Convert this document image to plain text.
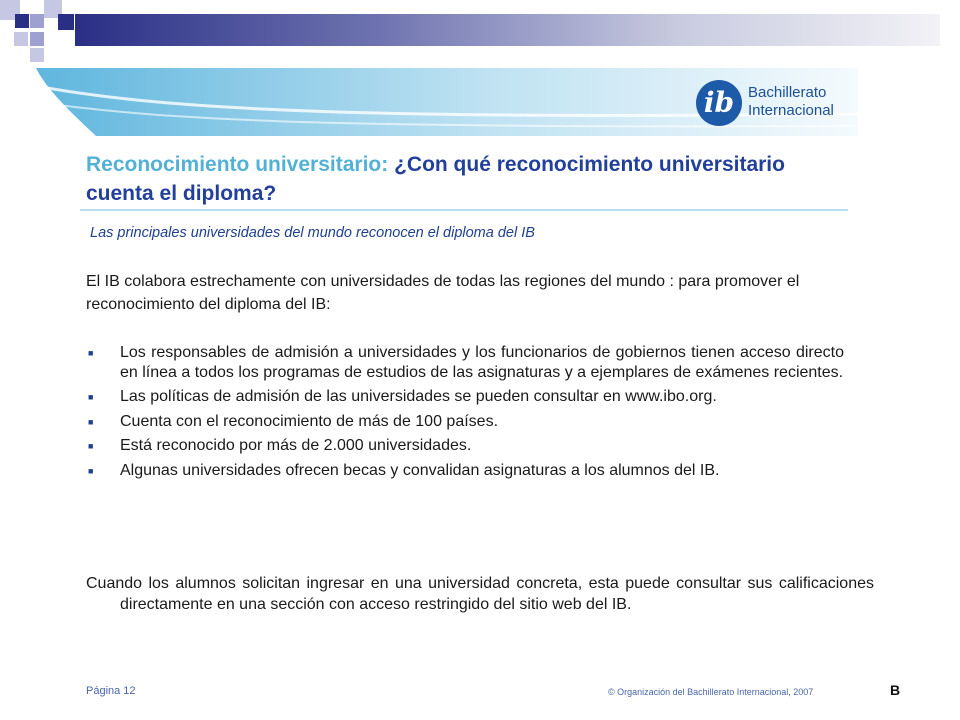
ib Bachillerato Internacional
Reconocimiento universitario: ¿Con qué reconocimiento universitario cuenta el diploma?

Las principales universidades del mundo reconocen el diploma del IB

El IB colabora estrechamente con universidades de todas las regiones del mundo : para promover el reconocimiento del diploma del IB:

■ Los responsables de admisión a universidades y los funcionarios de gobiernos tienen acceso directo en línea a todos los programas de estudios de las asignaturas y a ejemplares de exámenes recientes.
■ Las políticas de admisión de las universidades se pueden consultar en www.ibo.org.
■ Cuenta con el reconocimiento de más de 100 países.
■ Está reconocido por más de 2.000 universidades.
■ Algunas universidades ofrecen becas y convalidan asignaturas a los alumnos del IB.

Cuando los alumnos solicitan ingresar en una universidad concreta, esta puede consultar sus calificaciones directamente en una sección con acceso restringido del sitio web del IB.

Página 12	© Organización del Bachillerato Internacional, 2007	B
